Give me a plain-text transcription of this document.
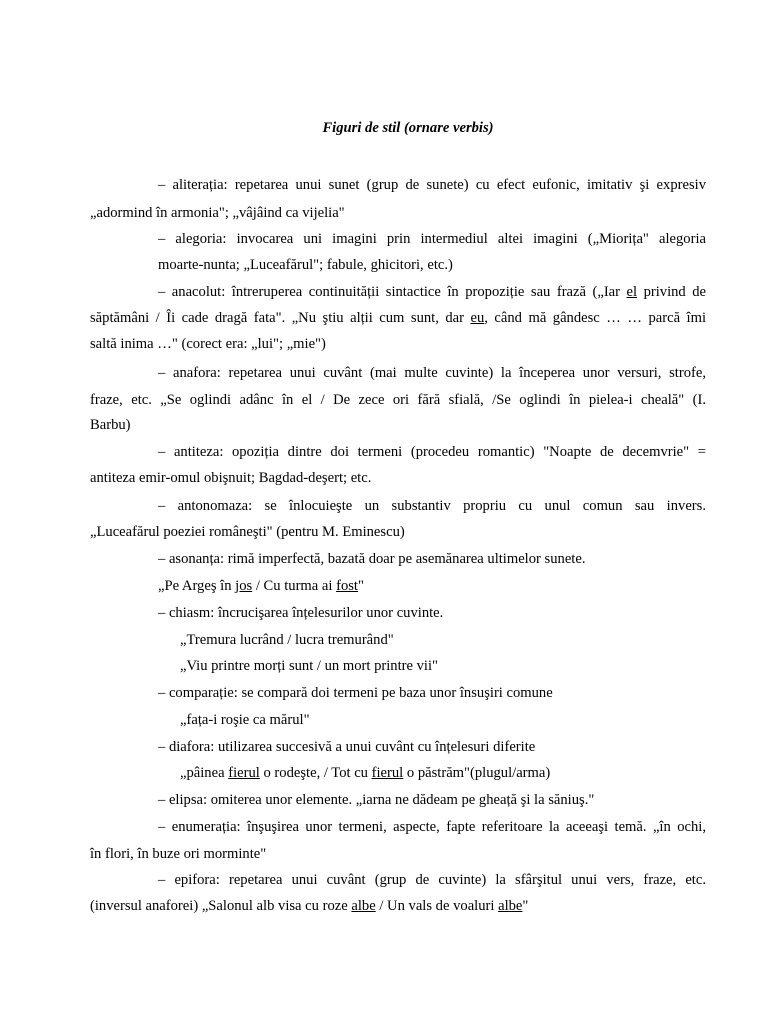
Figuri de stil (ornare verbis)
– aliterația: repetarea unui sunet (grup de sunete) cu efect eufonic, imitativ şi expresiv
„adormind în armonia"; „vâjâind ca vijelia"
– alegoria: invocarea uni imagini prin intermediul altei imagini („Miorița" alegoria
moarte-nunta; „Luceafărul"; fabule, ghicitori, etc.)
– anacolut: întreruperea continuității sintactice în propoziție sau frază („Iar el privind de
săptămâni / Îi cade dragă fata". „Nu ştiu alții cum sunt, dar eu, când mă gândesc … … parcă îmi
saltă inima …" (corect era: „lui"; „mie")
– anafora: repetarea unui cuvânt (mai multe cuvinte) la începerea unor versuri, strofe,
fraze, etc. „Se oglindi adânc în el / De zece ori fără sfială, /Se oglindi în pielea-i cheală" (I.
Barbu)
– antiteza: opoziția dintre doi termeni (procedeu romantic) "Noapte de decemvrie" =
antiteza emir-omul obişnuit; Bagdad-deşert; etc.
– antonomaza: se înlocuieşte un substantiv propriu cu unul comun sau invers.
„Luceafărul poeziei româneşti" (pentru M. Eminescu)
– asonanța: rimă imperfectă, bazată doar pe asemănarea ultimelor sunete.
„Pe Argeş în jos / Cu turma ai fost"
– chiasm: încrucişarea înțelesurilor unor cuvinte.
„Tremura lucrând / lucra tremurând"
„Viu printre morți sunt / un mort printre vii"
– comparație: se compară doi termeni pe baza unor însuşiri comune
„fața-i roşie ca mărul"
– diafora: utilizarea succesivă a unui cuvânt cu înțelesuri diferite
„pâinea fierul o rodeşte, / Tot cu fierul o păstrăm"(plugul/arma)
– elipsa: omiterea unor elemente. „iarna ne dădeam pe gheață şi la săniuş."
– enumerația: înşuşirea unor termeni, aspecte, fapte referitoare la aceeaşi temă. „în ochi,
în flori, în buze ori morminte"
– epifora: repetarea unui cuvânt (grup de cuvinte) la sfârşitul unui vers, fraze, etc.
(inversul anaforei) „Salonul alb visa cu roze albe / Un vals de voaluri albe"
